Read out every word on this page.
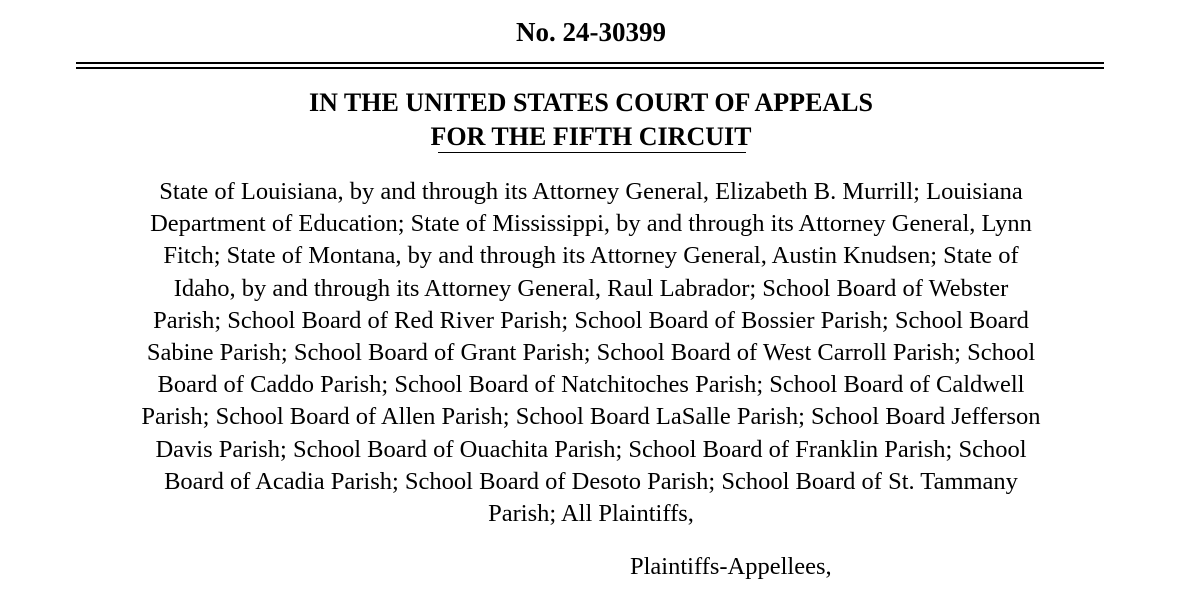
No. 24-30399
IN THE UNITED STATES COURT OF APPEALS
FOR THE FIFTH CIRCUIT
State of Louisiana, by and through its Attorney General, Elizabeth B. Murrill; Louisiana
Department of Education; State of Mississippi, by and through its Attorney General, Lynn
Fitch; State of Montana, by and through its Attorney General, Austin Knudsen; State of
Idaho, by and through its Attorney General, Raul Labrador; School Board of Webster
Parish; School Board of Red River Parish; School Board of Bossier Parish; School Board
Sabine Parish; School Board of Grant Parish; School Board of West Carroll Parish; School
Board of Caddo Parish; School Board of Natchitoches Parish; School Board of Caldwell
Parish; School Board of Allen Parish; School Board LaSalle Parish; School Board Jefferson
Davis Parish; School Board of Ouachita Parish; School Board of Franklin Parish; School
Board of Acadia Parish; School Board of Desoto Parish; School Board of St. Tammany
Parish; All Plaintiffs,
Plaintiffs-Appellees,
